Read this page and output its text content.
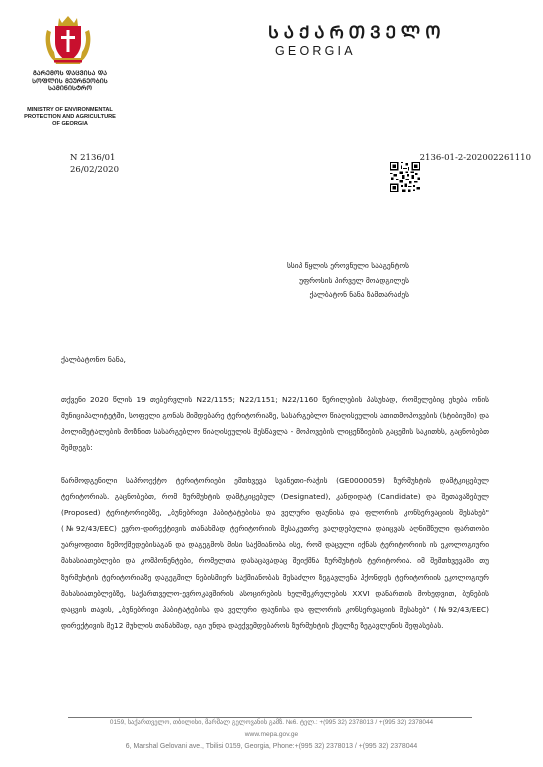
ᲒᲐᲠᲔᲛᲝᲡ ᲓᲐᲪᲕᲘᲡᲐ ᲓᲐ
ᲡᲝᲤᲚᲘᲡ ᲛᲔᲣᲠᲜᲔᲝᲑᲘᲡ
ᲡᲐᲛᲘᲜᲘᲡᲢᲠᲝ
MINISTRY OF ENVIRONMENTAL
PROTECTION AND AGRICULTURE
OF GEORGIA
ᲡᲐᲥᲐᲠᲗᲕᲔᲚᲝ
GEORGIA
N 2136/01
26/02/2020
2136-01-2-202002261110
სსიპ წყლის ეროვნული სააგენტოს
უფროსის პირველ მოადგილეს
ქალბატონ ნანა ზამთარაძეს
ქალბატონო ნანა,

თქვენი 2020 წლის 19 თებერვლის N22/1155; N22/1151; N22/1160 წერილების პასუხად, რომელებიც ეხება ონის მუნიციპალიტეტში, სოფელი გონას მიმდებარე ტერიტორიაზე, სასარგებლო წიაღისეულის ათითმოპოვების (სტიბიუმი) და პოლიმეტალების მოზნით სასარგებლო წიაღისეულის შესწავლა - მოპოვების ლიცენზიების გაცემის საკითხს, გაცნობებთ შემდეგს:

წარმოდგენილი საპროექტო ტერიტორიები ემთხვევა სვანეთი-რაჭის (GE0000059) ზურმუხტის დამტკიცებულ ტერიტორიას. გაცნობებთ, რომ ზურმუხტის დამტკიცებულ (Designated), კანდიდატ (Candidate) და შეთავაზებულ (Proposed) ტერიტორიებზე, „ბუნებრივი ჰაბიტატებისა და ველური ფაუნისა და ფლორის კონსერვაციის შესახებ" (№92/43/EEC) ევრო-დირექტივის თანახმად ტერიტორიის მესაკუთრე ვალდებულია დაიცვას აღნიშნული ფართობი უარყოფითი ზემოქმედებისაგან და დაგეგმოს მისი საქმიანობა ისე, რომ დაცული იქნას ტერიტორიის ის ეკოლოგიური მახასიათებლები და კომპონენტები, რომელთა დასაცავადაც შეიქმნა ზურმუხტის ტერიტორია. იმ შემთხვევაში თუ ზურმუხტის ტერიტორიაზე დაგეგმილ ნებისმიერ საქმიანობას შესაძლო ზეგავლენა ჰქონდეს ტერიტორიის ეკოლოგიურ მახასიათებლებზე, საქართველო-ევროკავშირის ასოცირების ხელშეკრულების XXVI დანართის მოხედვით, ბუნების დაცვის თავის, „ბუნებრივი ჰაბიტატებისა და ველური ფაუნისა და ფლორის კონსერვაციის შესახებ" (№92/43/EEC) დირექტივის მე12 მუხლის თანახმად, იგი უნდა დაექვემდებაროს ზურმუხტის ქსელზე ზეგავლენის შეფასებას.

0159, საქართველო, თბილისი, მარშალ გელოვანის გამზ. №6. ტელ.: +(995 32) 2378013 / +(995 32) 2378044
www.mepa.gov.ge
6, Marshal Gelovani ave., Tbilisi 0159, Georgia, Phone:+(995 32) 2378013 / +(995 32) 2378044
